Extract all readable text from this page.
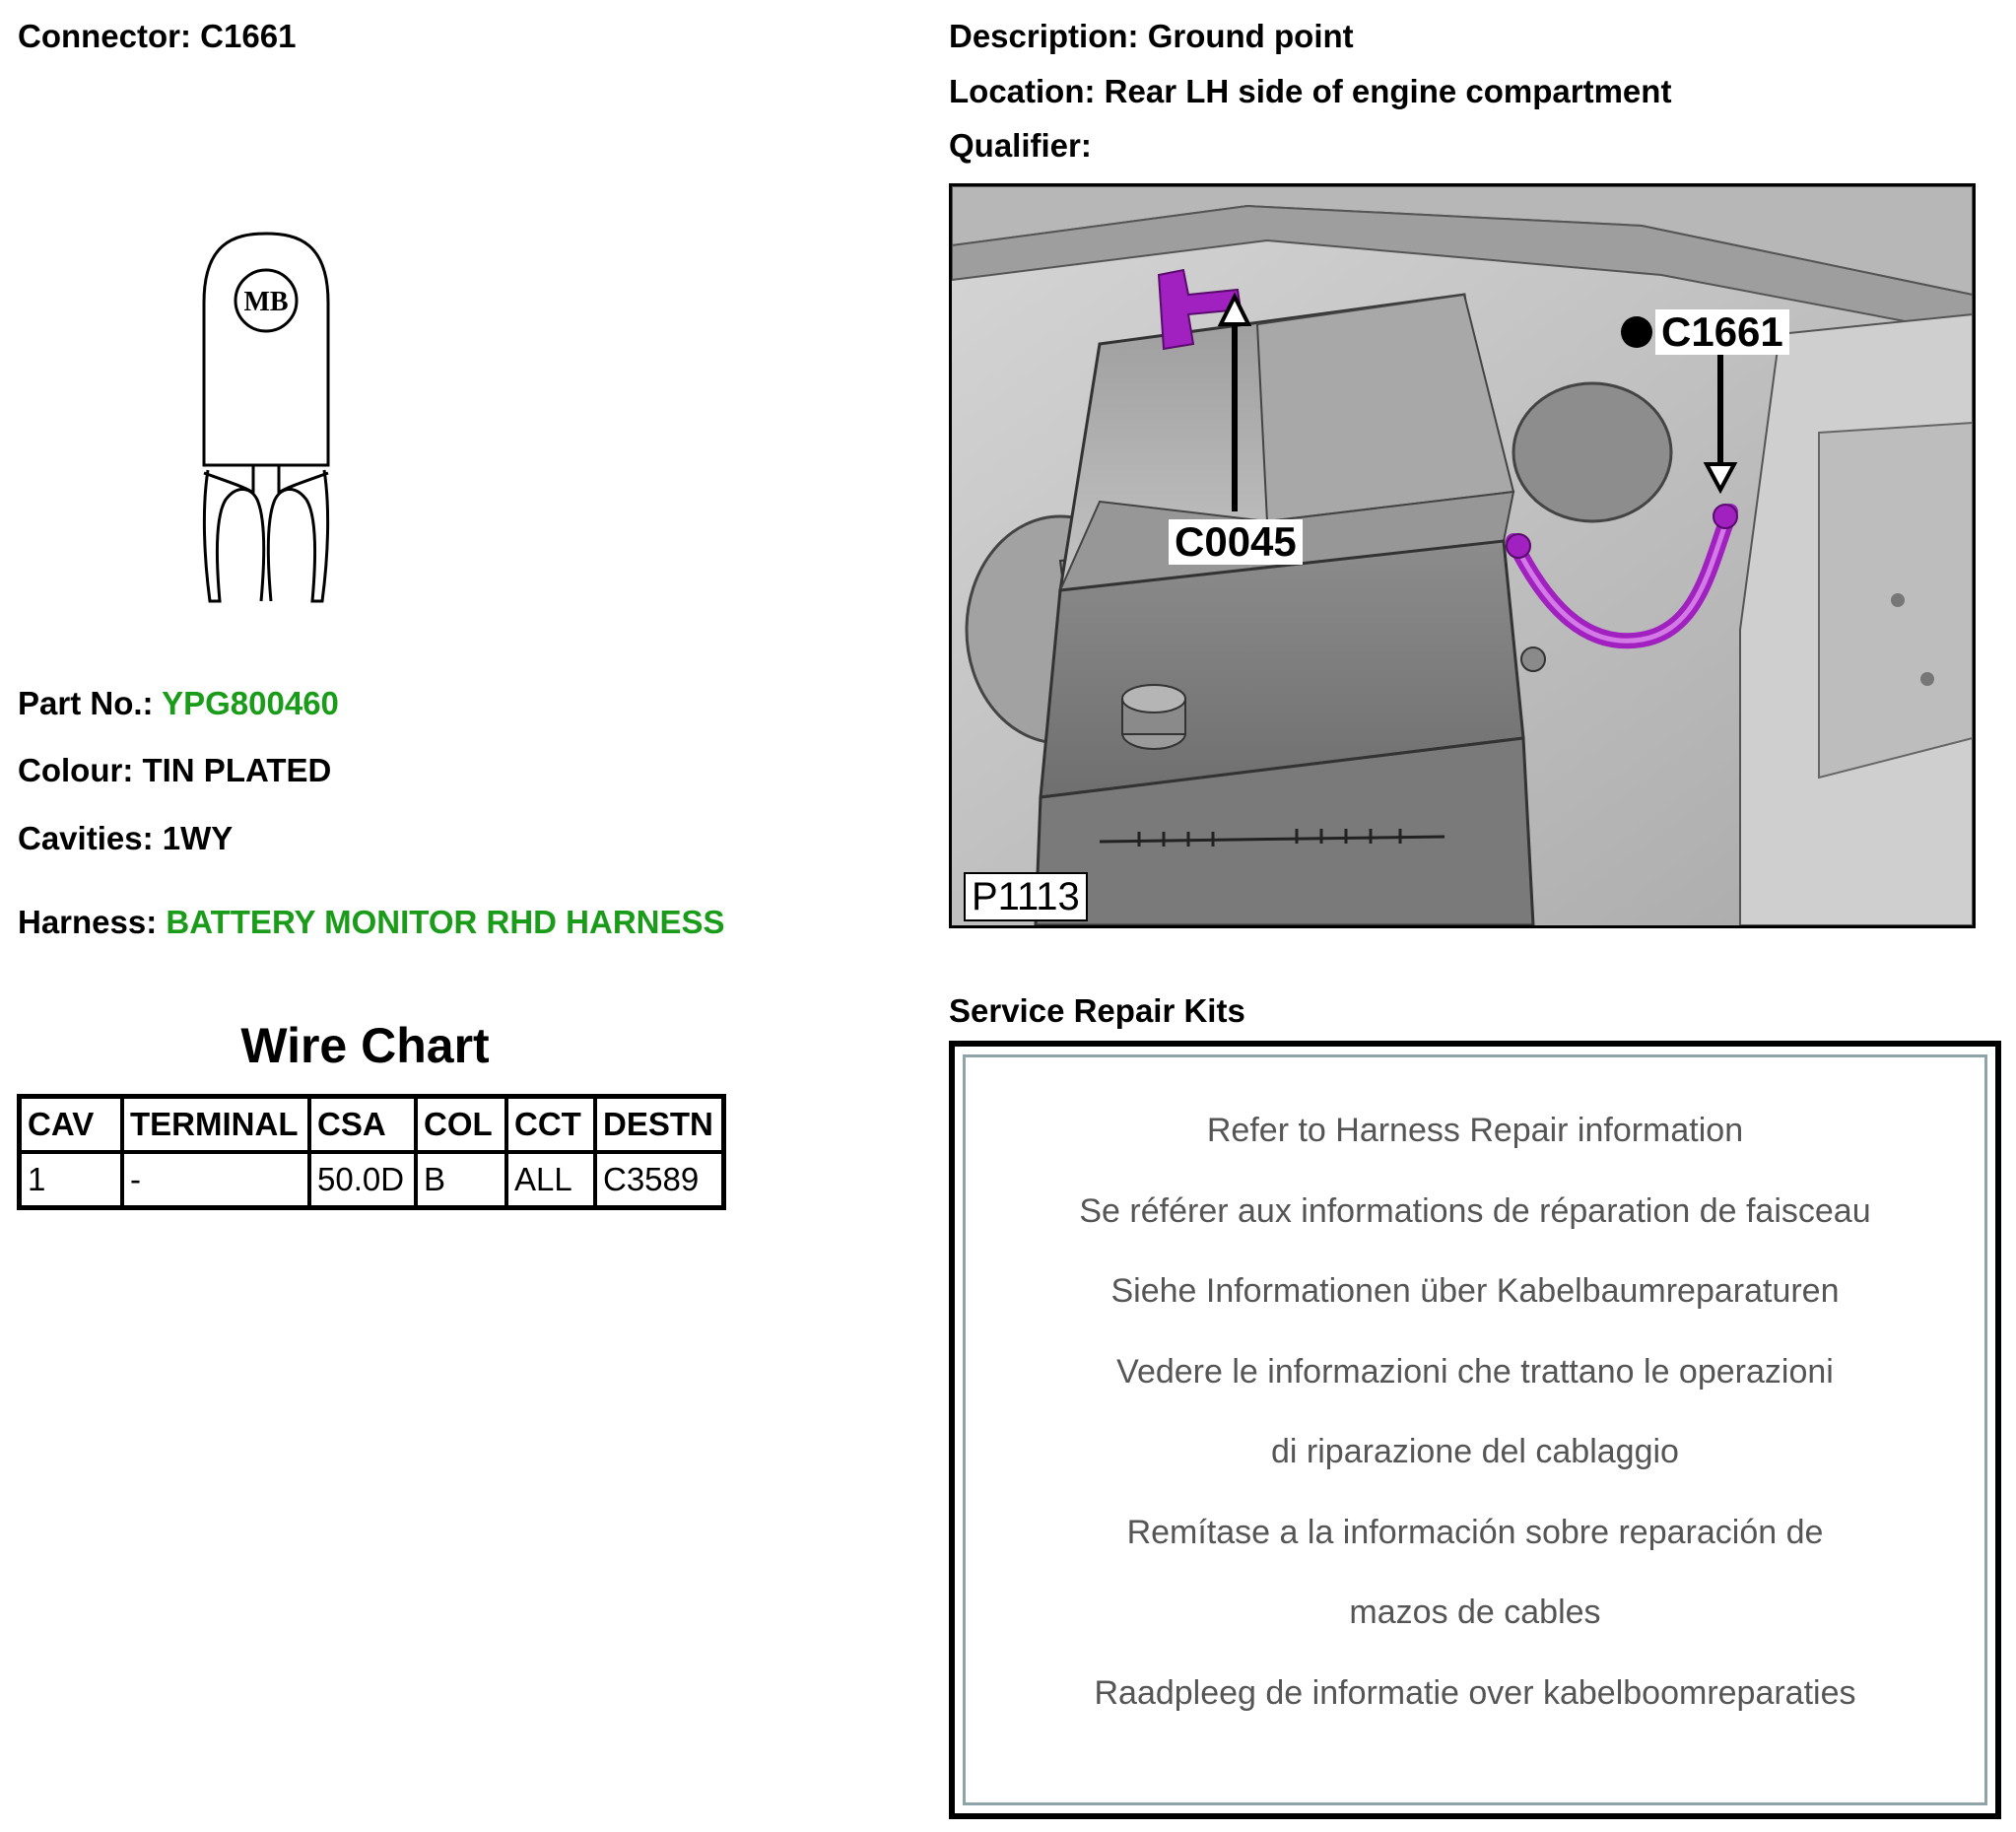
Connector: C1661
MB
Part No.: YPG800460
Colour: TIN PLATED
Cavities: 1WY
Harness: BATTERY MONITOR RHD HARNESS
Wire Chart
CAV	TERMINAL	CSA	COL	CCT	DESTN
1	-	50.0D	B	ALL	C3589
Description: Ground point
Location: Rear LH side of engine compartment
Qualifier:
C0045
C1661
P1113
Service Repair Kits
Refer to Harness Repair information
Se référer aux informations de réparation de faisceau
Siehe Informationen über Kabelbaumreparaturen
Vedere le informazioni che trattano le operazioni
di riparazione del cablaggio
Remítase a la información sobre reparación de
mazos de cables
Raadpleeg de informatie over kabelboomreparaties
